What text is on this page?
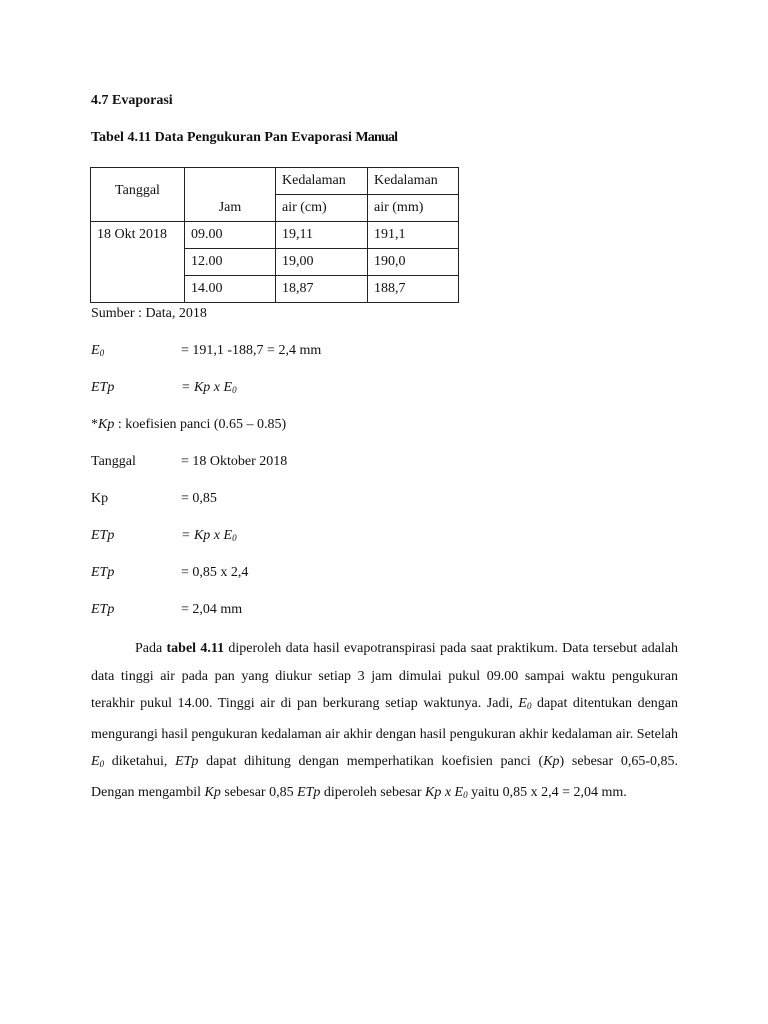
4.7 Evaporasi
Tabel 4.11 Data Pengukuran Pan Evaporasi Manual
Tanggal	Jam	Kedalaman	Kedalaman
		air (cm)	air (mm)
18 Okt 2018	09.00	19,11	191,1
	12.00	19,00	190,0
	14.00	18,87	188,7
Sumber : Data, 2018
$E_0$	= 191,1 -188,7 = 2,4 mm
ETp	= Kp x $E_0$
*Kp : koefisien panci (0.65 – 0.85)
Tanggal	= 18 Oktober 2018
Kp	= 0,85
ETp	= Kp x $E_0$
ETp	= 0,85 x 2,4
ETp	= 2,04 mm

Pada tabel 4.11 diperoleh data hasil evapotranspirasi pada saat praktikum. Data tersebut adalah data tinggi air pada pan yang diukur setiap 3 jam dimulai pukul 09.00 sampai waktu pengukuran terakhir pukul 14.00. Tinggi air di pan berkurang setiap waktunya. Jadi, $E_0$ dapat ditentukan dengan mengurangi hasil pengukuran kedalaman air akhir dengan hasil pengukuran akhir kedalaman air. Setelah $E_0$ diketahui, ETp dapat dihitung dengan memperhatikan koefisien panci (Kp) sebesar 0,65-0,85. Dengan mengambil Kp sebesar 0,85 ETp diperoleh sebesar Kp x $E_0$ yaitu 0,85 x 2,4 = 2,04 mm.
